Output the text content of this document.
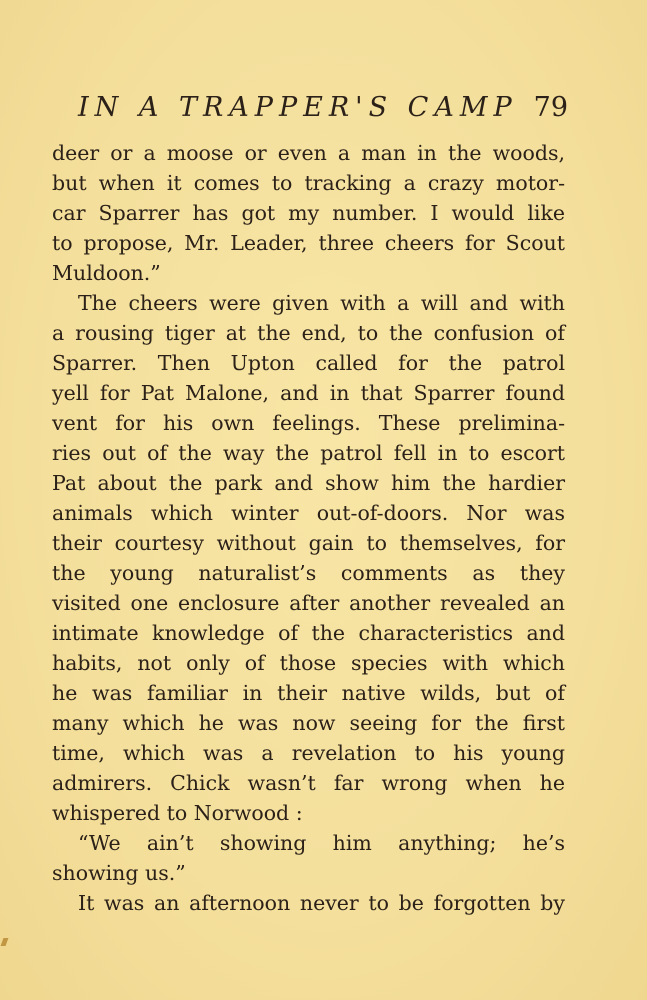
IN A TRAPPER'S CAMP 79
deer or a moose or even a man in the woods,
but when it comes to tracking a crazy motor-
car Sparrer has got my number. I would like
to propose, Mr. Leader, three cheers for Scout
Muldoon.”
The cheers were given with a will and with
a rousing tiger at the end, to the confusion of
Sparrer. Then Upton called for the patrol
yell for Pat Malone, and in that Sparrer found
vent for his own feelings. These prelimina-
ries out of the way the patrol fell in to escort
Pat about the park and show him the hardier
animals which winter out-of-doors. Nor was
their courtesy without gain to themselves, for
the young naturalist’s comments as they
visited one enclosure after another revealed an
intimate knowledge of the characteristics and
habits, not only of those species with which
he was familiar in their native wilds, but of
many which he was now seeing for the first
time, which was a revelation to his young
admirers. Chick wasn’t far wrong when he
whispered to Norwood :
“We ain’t showing him anything; he’s
showing us.”
It was an afternoon never to be forgotten by
